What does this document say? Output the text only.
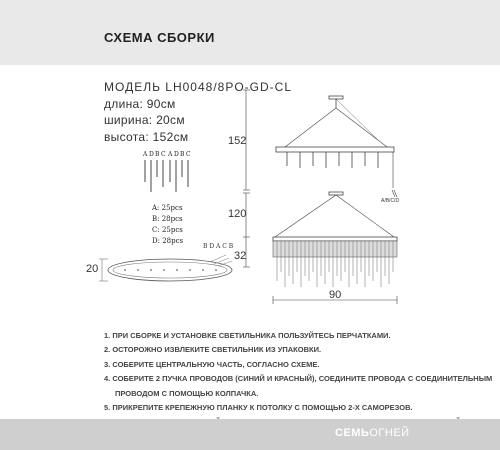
СХЕМА СБОРКИ
МОДЕЛЬ LH0048/8PO-GD-CL
длина: 90см
ширина: 20см
высота: 152см
A D B C A D B C
152
120
32
20
90
A/B/C/D
B D A C B
A: 25pcs
B: 28pcs
C: 25pcs
D: 28pcs
1. ПРИ СБОРКЕ И УСТАНОВКЕ СВЕТИЛЬНИКА ПОЛЬЗУЙТЕСЬ ПЕРЧАТКАМИ.
2. ОСТОРОЖНО ИЗВЛЕКИТЕ СВЕТИЛЬНИК ИЗ УПАКОВКИ.
3. СОБЕРИТЕ ЦЕНТРАЛЬНУЮ ЧАСТЬ, СОГЛАСНО СХЕМЕ.
4. СОБЕРИТЕ 2 ПУЧКА ПРОВОДОВ (СИНИЙ И КРАСНЫЙ), СОЕДИНИТЕ ПРОВОДА С СОЕДИНИТЕЛЬНЫМ
ПРОВОДОМ С ПОМОЩЬЮ КОЛПАЧКА.
5. ПРИКРЕПИТЕ КРЕПЕЖНУЮ ПЛАНКУ К ПОТОЛКУ С ПОМОЩЬЮ 2-Х САМОРЕЗОВ.
СЕМЬОГНЕЙ
